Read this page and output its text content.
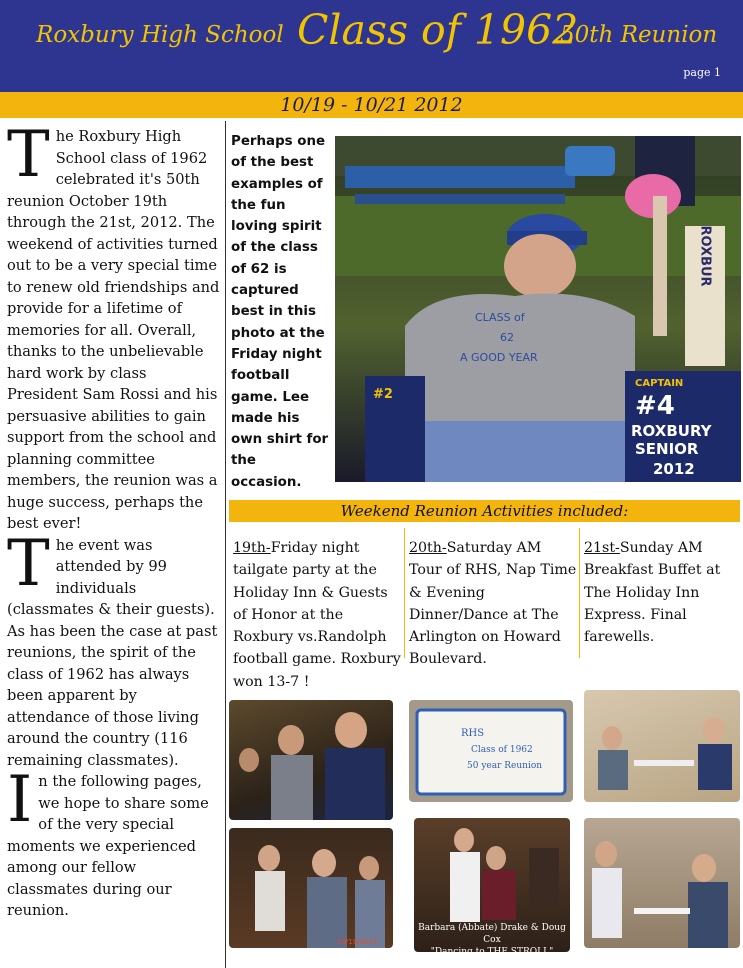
Roxbury High School Class of 1962
50th Reunion
page 1
10/19 - 10/21 2012

The Roxbury High School class of 1962 celebrated it's 50th reunion October 19th through the 21st, 2012. The weekend of activities turned out to be a very special time to renew old friendships and provide for a lifetime of memories for all. Overall, thanks to the unbelievable hard work by class President Sam Rossi and his persuasive abilities to gain support from the school and planning committee members, the reunion was a huge success, perhaps the best ever!

The event was attended by 99 individuals (classmates & their guests). As has been the case at past reunions, the spirit of the class of 1962 has always been apparent by attendance of those living around the country (116 remaining classmates).

In the following pages, we hope to share some of the very special moments we experienced among our fellow classmates during our reunion.

Perhaps one of the best examples of the fun loving spirit of the class of 62 is captured best in this photo at the Friday night football game. Lee made his own shirt for the occasion.
ROXBUR
#2
CAPTAIN
#4
ROXBURY
SENIOR
2012
CLASS of
62
A GOOD YEAR
Weekend Reunion Activities included:
19th-Friday night tailgate party at the Holiday Inn & Guests of Honor at the Roxbury vs.Randolph football game. Roxbury won 13-7 !
20th-Saturday AM Tour of RHS, Nap Time & Evening Dinner/Dance at The Arlington on Howard Boulevard.
21st-Sunday AM Breakfast Buffet at The Holiday Inn Express. Final farewells.
RHS
Class of 1962
50 year Reunion
10/19/2012
Barbara (Abbate) Drake & Doug Cox
"Dancing to THE STROLL"
